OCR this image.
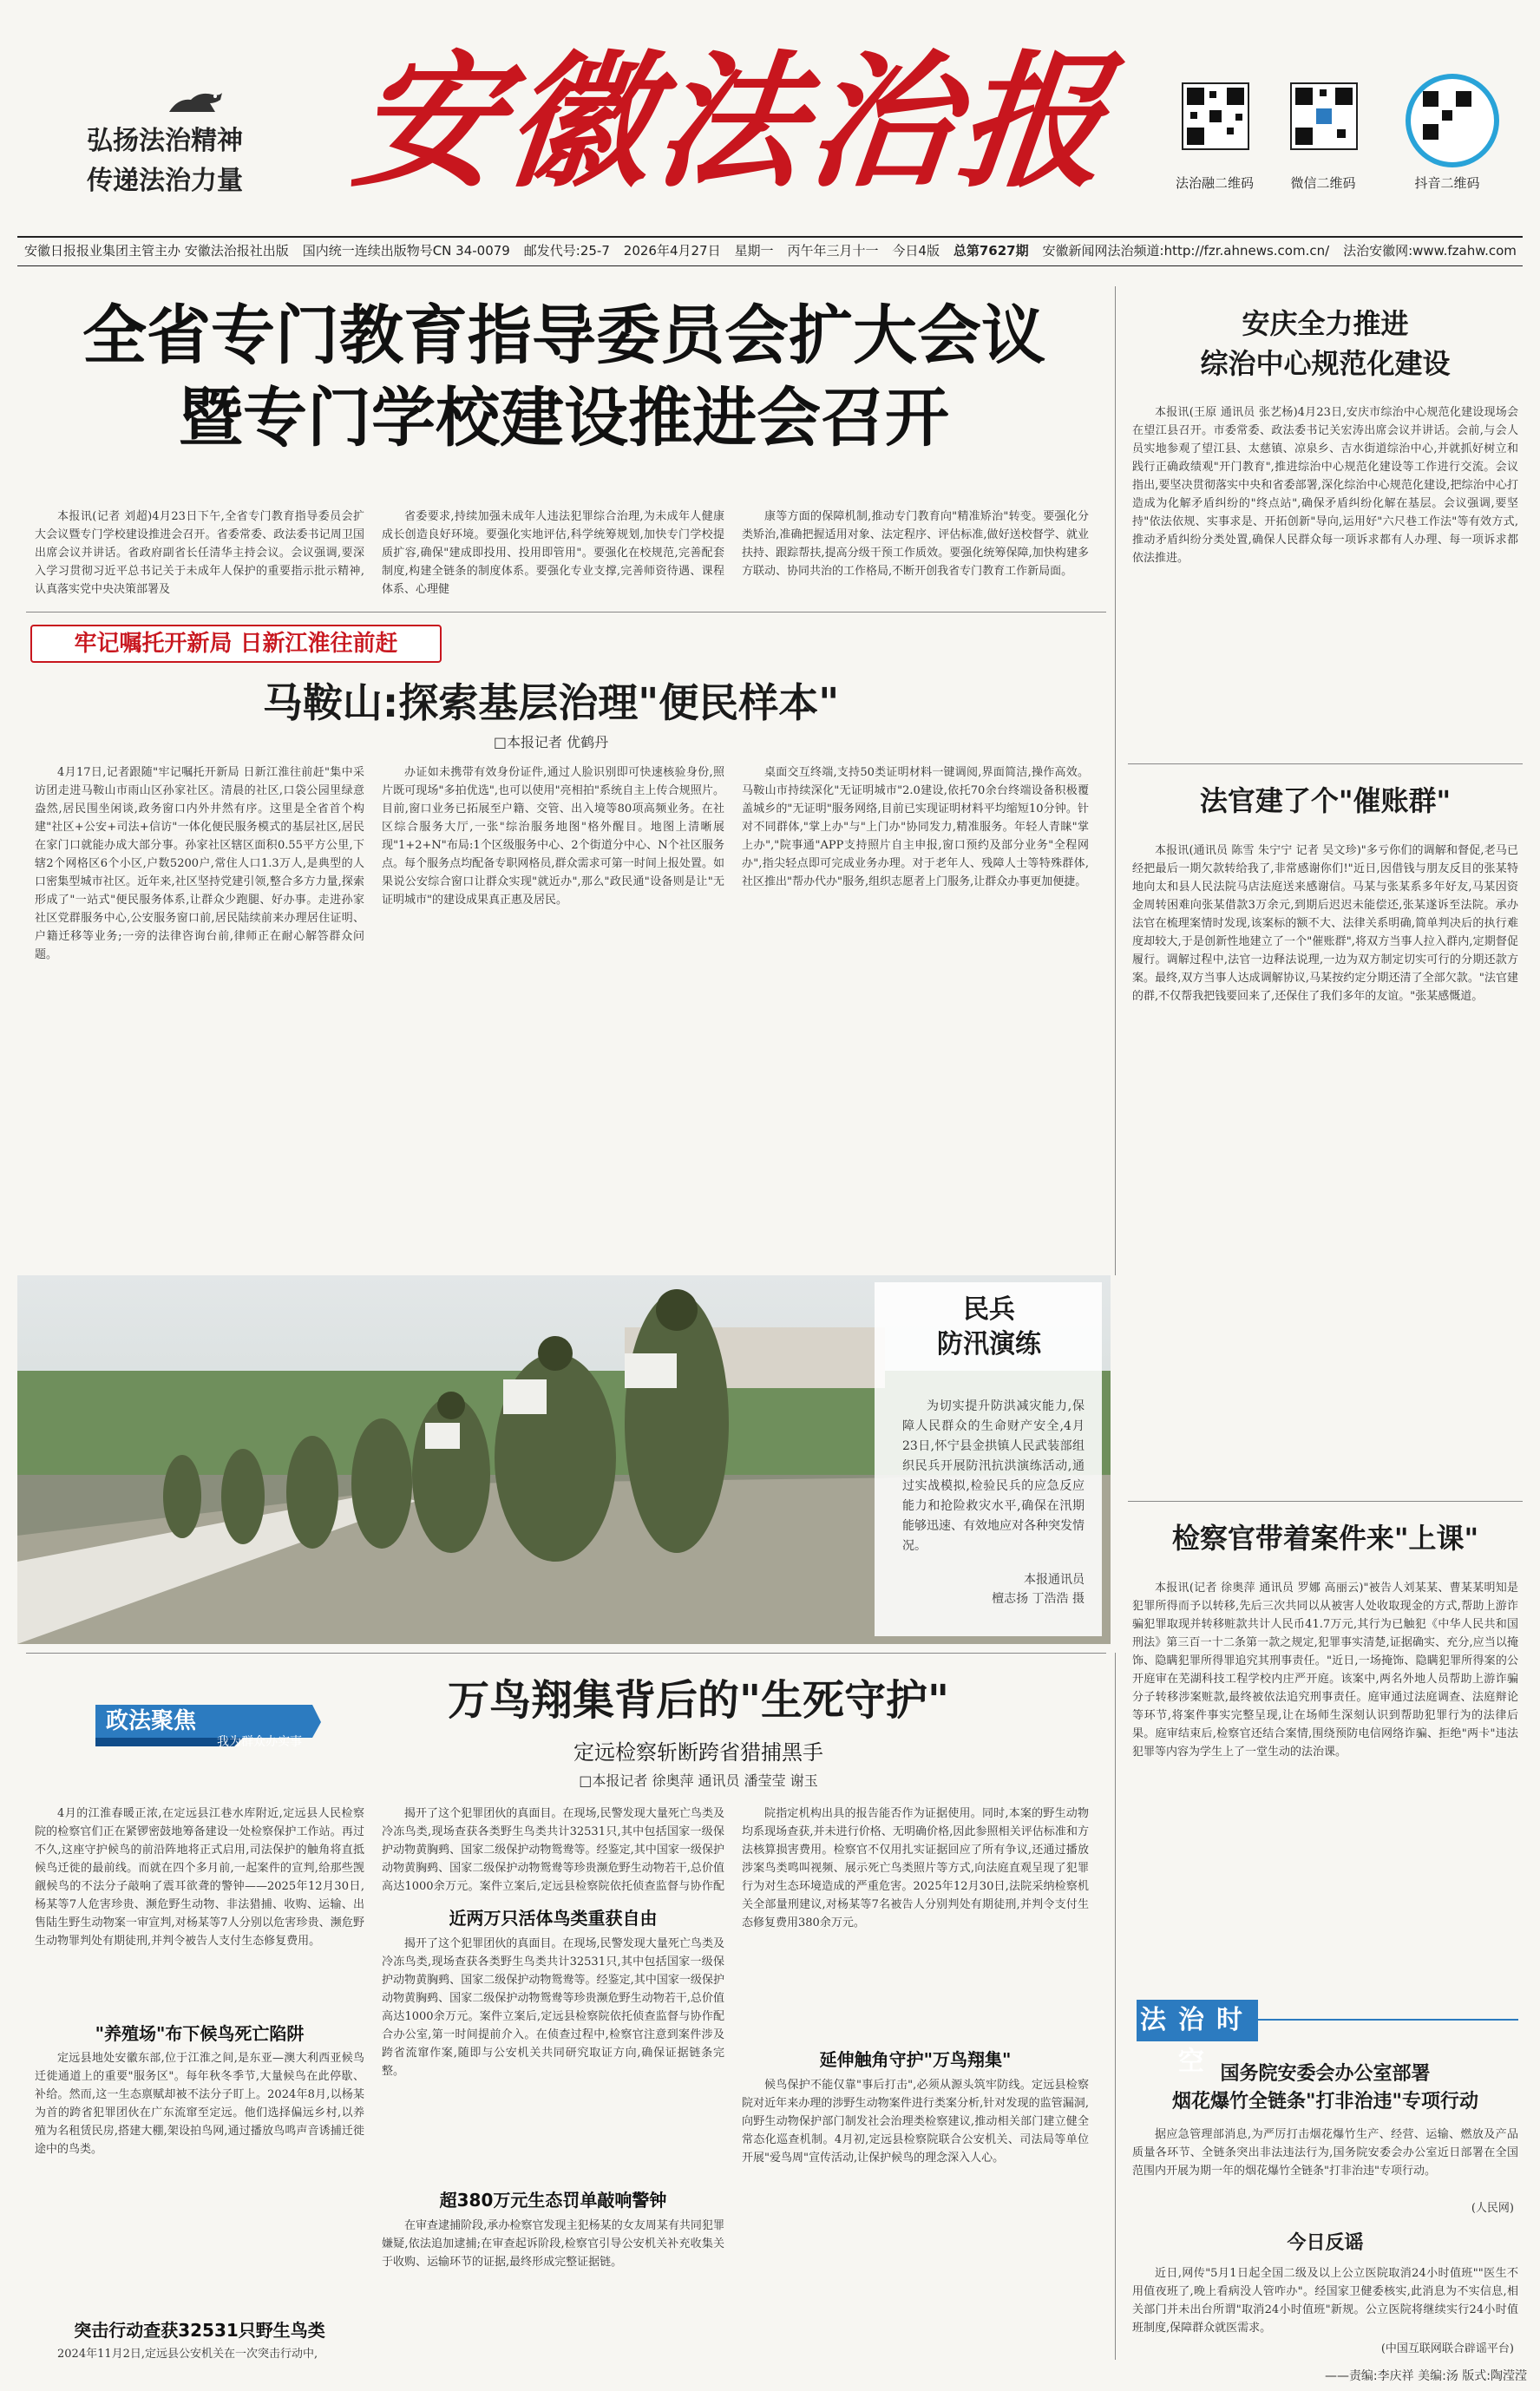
弘扬法治精神
传递法治力量 安徽法治报	法治融二维码	微信二维码	抖音二维码
安徽日报报业集团主管主办 安徽法治报社出版 国内统一连续出版物号CN 34-0079 邮发代号:25-7 2026年4月27日 星期一 丙午年三月十一 今日4版 总第7627期 安徽新闻网法治频道:http://fzr.ahnews.com.cn/ 法治安徽网:www.fzahw.com
全省专门教育指导委员会扩大会议
暨专门学校建设推进会召开
本报讯(记者 刘超)4月23日下午,全省专门教育指导委员会扩大会议暨专门学校建设推进会召开。省委常委、政法委书记周卫国出席会议并讲话。省政府副省长任清华主持会议。会议强调,要深入学习贯彻习近平总书记关于未成年人保护的重要指示批示精神,认真落实党中央决策部署及
省委要求,持续加强未成年人违法犯罪综合治理,为未成年人健康成长创造良好环境。要强化实地评估,科学统筹规划,加快专门学校提质扩容,确保"建成即投用、投用即管用"。要强化在校规范,完善配套制度,构建全链条的制度体系。要强化专业支撑,完善师资待遇、课程体系、心理健
康等方面的保障机制,推动专门教育向"精准矫治"转变。要强化分类矫治,准确把握适用对象、法定程序、评估标准,做好送校督学、就业扶持、跟踪帮扶,提高分级干预工作质效。要强化统筹保障,加快构建多方联动、协同共治的工作格局,不断开创我省专门教育工作新局面。
牢记嘱托开新局 日新江淮往前赶
马鞍山:探索基层治理"便民样本"
□本报记者 优鹤丹
4月17日,记者跟随"牢记嘱托开新局 日新江淮往前赶"集中采访团走进马鞍山市雨山区孙家社区。清晨的社区,口袋公园里绿意盎然,居民围坐闲谈,政务窗口内外井然有序。这里是全省首个构建"社区+公安+司法+信访"一体化便民服务模式的基层社区,居民在家门口就能办成大部分事。孙家社区辖区面积0.55平方公里,下辖2个网格区6个小区,户数5200户,常住人口1.3万人,是典型的人口密集型城市社区。近年来,社区坚持党建引领,整合多方力量,探索形成了"一站式"便民服务体系,让群众少跑腿、好办事。走进孙家社区党群服务中心,公安服务窗口前,居民陆续前来办理居住证明、户籍迁移等业务;一旁的法律咨询台前,律师正在耐心解答群众问题。
办证如未携带有效身份证件,通过人脸识别即可快速核验身份,照片既可现场"多拍优选",也可以使用"亮相拍"系统自主上传合规照片。目前,窗口业务已拓展至户籍、交管、出入境等80项高频业务。在社区综合服务大厅,一张"综治服务地图"格外醒目。地图上清晰展现"1+2+N"布局:1个区级服务中心、2个街道分中心、N个社区服务点。每个服务点均配备专职网格员,群众需求可第一时间上报处置。如果说公安综合窗口让群众实现"就近办",那么"政民通"设备则是让"无证明城市"的建设成果真正惠及居民。
桌面交互终端,支持50类证明材料一键调阅,界面简洁,操作高效。马鞍山市持续深化"无证明城市"2.0建设,依托70余台终端设备积极覆盖城乡的"无证明"服务网络,目前已实现证明材料平均缩短10分钟。针对不同群体,"掌上办"与"上门办"协同发力,精准服务。年轻人青睐"掌上办","院事通"APP支持照片自主申报,窗口预约及部分业务"全程网办",指尖轻点即可完成业务办理。对于老年人、残障人士等特殊群体,社区推出"帮办代办"服务,组织志愿者上门服务,让群众办事更加便捷。
民兵
防汛演练
为切实提升防洪减灾能力,保障人民群众的生命财产安全,4月23日,怀宁县金拱镇人民武装部组织民兵开展防汛抗洪演练活动,通过实战模拟,检验民兵的应急反应能力和抢险救灾水平,确保在汛期能够迅速、有效地应对各种突发情况。
本报通讯员
檀志扬 丁浩浩 摄
安庆全力推进
综治中心规范化建设
本报讯(王原 通讯员 张艺杨)4月23日,安庆市综治中心规范化建设现场会在望江县召开。市委常委、政法委书记关宏涛出席会议并讲话。会前,与会人员实地参观了望江县、太慈镇、凉泉乡、吉水街道综治中心,并就抓好树立和践行正确政绩观"开门教育",推进综治中心规范化建设等工作进行交流。会议指出,要坚决贯彻落实中央和省委部署,深化综治中心规范化建设,把综治中心打造成为化解矛盾纠纷的"终点站",确保矛盾纠纷化解在基层。会议强调,要坚持"依法依规、实事求是、开拓创新"导向,运用好"六尺巷工作法"等有效方式,推动矛盾纠纷分类处置,确保人民群众每一项诉求都有人办理、每一项诉求都依法推进。
法官建了个"催账群"
本报讯(通讯员 陈雪 朱宁宁 记者 吴文珍)"多亏你们的调解和督促,老马已经把最后一期欠款转给我了,非常感谢你们!"近日,因借钱与朋友反目的张某特地向太和县人民法院马店法庭送来感谢信。马某与张某系多年好友,马某因资金周转困难向张某借款3万余元,到期后迟迟未能偿还,张某遂诉至法院。承办法官在梳理案情时发现,该案标的额不大、法律关系明确,简单判决后的执行难度却较大,于是创新性地建立了一个"催账群",将双方当事人拉入群内,定期督促履行。调解过程中,法官一边释法说理,一边为双方制定切实可行的分期还款方案。最终,双方当事人达成调解协议,马某按约定分期还清了全部欠款。"法官建的群,不仅帮我把钱要回来了,还保住了我们多年的友谊。"张某感慨道。
检察官带着案件来"上课"
本报讯(记者 徐奥萍 通讯员 罗娜 高丽云)"被告人刘某某、曹某某明知是犯罪所得而予以转移,先后三次共同以从被害人处收取现金的方式,帮助上游诈骗犯罪取现并转移赃款共计人民币41.7万元,其行为已触犯《中华人民共和国刑法》第三百一十二条第一款之规定,犯罪事实清楚,证据确实、充分,应当以掩饰、隐瞒犯罪所得罪追究其刑事责任。"近日,一场掩饰、隐瞒犯罪所得案的公开庭审在芜湖科技工程学校内庄严开庭。该案中,两名外地人员帮助上游诈骗分子转移涉案赃款,最终被依法追究刑事责任。庭审通过法庭调查、法庭辩论等环节,将案件事实完整呈现,让在场师生深刻认识到帮助犯罪行为的法律后果。庭审结束后,检察官还结合案情,围绕预防电信网络诈骗、拒绝"两卡"违法犯罪等内容为学生上了一堂生动的法治课。
法治时空 国务院安委会办公室部署
烟花爆竹全链条"打非治违"专项行动
据应急管理部消息,为严厉打击烟花爆竹生产、经营、运输、燃放及产品质量各环节、全链条突出非法违法行为,国务院安委会办公室近日部署在全国范围内开展为期一年的烟花爆竹全链条"打非治违"专项行动。
(人民网)
今日反谣
近日,网传"5月1日起全国二级及以上公立医院取消24小时值班""医生不用值夜班了,晚上看病没人管咋办"。经国家卫健委核实,此消息为不实信息,相关部门并未出台所谓"取消24小时值班"新规。公立医院将继续实行24小时值班制度,保障群众就医需求。
(中国互联网联合辟谣平台)
政法聚焦
我为群众办实事
万鸟翔集背后的"生死守护"
定远检察斩断跨省猎捕黑手
□本报记者 徐奥萍 通讯员 潘莹莹 谢玉
4月的江淮春暖正浓,在定远县江巷水库附近,定远县人民检察院的检察官们正在紧锣密鼓地筹备建设一处检察保护工作站。再过不久,这座守护候鸟的前沿阵地将正式启用,司法保护的触角将直抵候鸟迁徙的最前线。而就在四个多月前,一起案件的宣判,给那些觊觎候鸟的不法分子敲响了震耳欲聋的警钟——2025年12月30日,杨某等7人危害珍贵、濒危野生动物、非法猎捕、收购、运输、出售陆生野生动物案一审宣判,对杨某等7人分别以危害珍贵、濒危野生动物罪判处有期徒刑,并判令被告人支付生态修复费用。
"养殖场"布下候鸟死亡陷阱
定远县地处安徽东部,位于江淮之间,是东亚—澳大利西亚候鸟迁徙通道上的重要"服务区"。每年秋冬季节,大量候鸟在此停歇、补给。然而,这一生态禀赋却被不法分子盯上。2024年8月,以杨某为首的跨省犯罪团伙在广东流窜至定远。他们选择偏远乡村,以养殖为名租赁民房,搭建大棚,架设拍鸟网,通过播放鸟鸣声音诱捕迁徙途中的鸟类。
突击行动查获32531只野生鸟类
2024年11月2日,定远县公安机关在一次突击行动中,
揭开了这个犯罪团伙的真面目。在现场,民警发现大量死亡鸟类及冷冻鸟类,现场查获各类野生鸟类共计32531只,其中包括国家一级保护动物黄胸鹀、国家二级保护动物鸳鸯等。经鉴定,其中国家一级保护动物黄胸鹀、国家二级保护动物鸳鸯等珍贵濒危野生动物若干,总价值高达1000余万元。案件立案后,定远县检察院依托侦查监督与协作配
近两万只活体鸟类重获自由
揭开了这个犯罪团伙的真面目。在现场,民警发现大量死亡鸟类及冷冻鸟类,现场查获各类野生鸟类共计32531只,其中包括国家一级保护动物黄胸鹀、国家二级保护动物鸳鸯等。经鉴定,其中国家一级保护动物黄胸鹀、国家二级保护动物鸳鸯等珍贵濒危野生动物若干,总价值高达1000余万元。案件立案后,定远县检察院依托侦查监督与协作配合办公室,第一时间提前介入。在侦查过程中,检察官注意到案件涉及跨省流窜作案,随即与公安机关共同研究取证方向,确保证据链条完整。
超380万元生态罚单敲响警钟
在审查逮捕阶段,承办检察官发现主犯杨某的女友周某有共同犯罪嫌疑,依法追加逮捕;在审查起诉阶段,检察官引导公安机关补充收集关于收购、运输环节的证据,最终形成完整证据链。
院指定机构出具的报告能否作为证据使用。同时,本案的野生动物均系现场查获,并未进行价格、无明确价格,因此参照相关评估标准和方法核算损害费用。检察官不仅用扎实证据回应了所有争议,还通过播放涉案鸟类鸣叫视频、展示死亡鸟类照片等方式,向法庭直观呈现了犯罪行为对生态环境造成的严重危害。2025年12月30日,法院采纳检察机关全部量刑建议,对杨某等7名被告人分别判处有期徒刑,并判令支付生态修复费用380余万元。
延伸触角守护"万鸟翔集"
候鸟保护不能仅靠"事后打击",必须从源头筑牢防线。定远县检察院对近年来办理的涉野生动物案件进行类案分析,针对发现的监管漏洞,向野生动物保护部门制发社会治理类检察建议,推动相关部门建立健全常态化巡查机制。4月初,定远县检察院联合公安机关、司法局等单位开展"爱鸟周"宣传活动,让保护候鸟的理念深入人心。
——责编:李庆祥 美编:汤 版式:陶滢滢
